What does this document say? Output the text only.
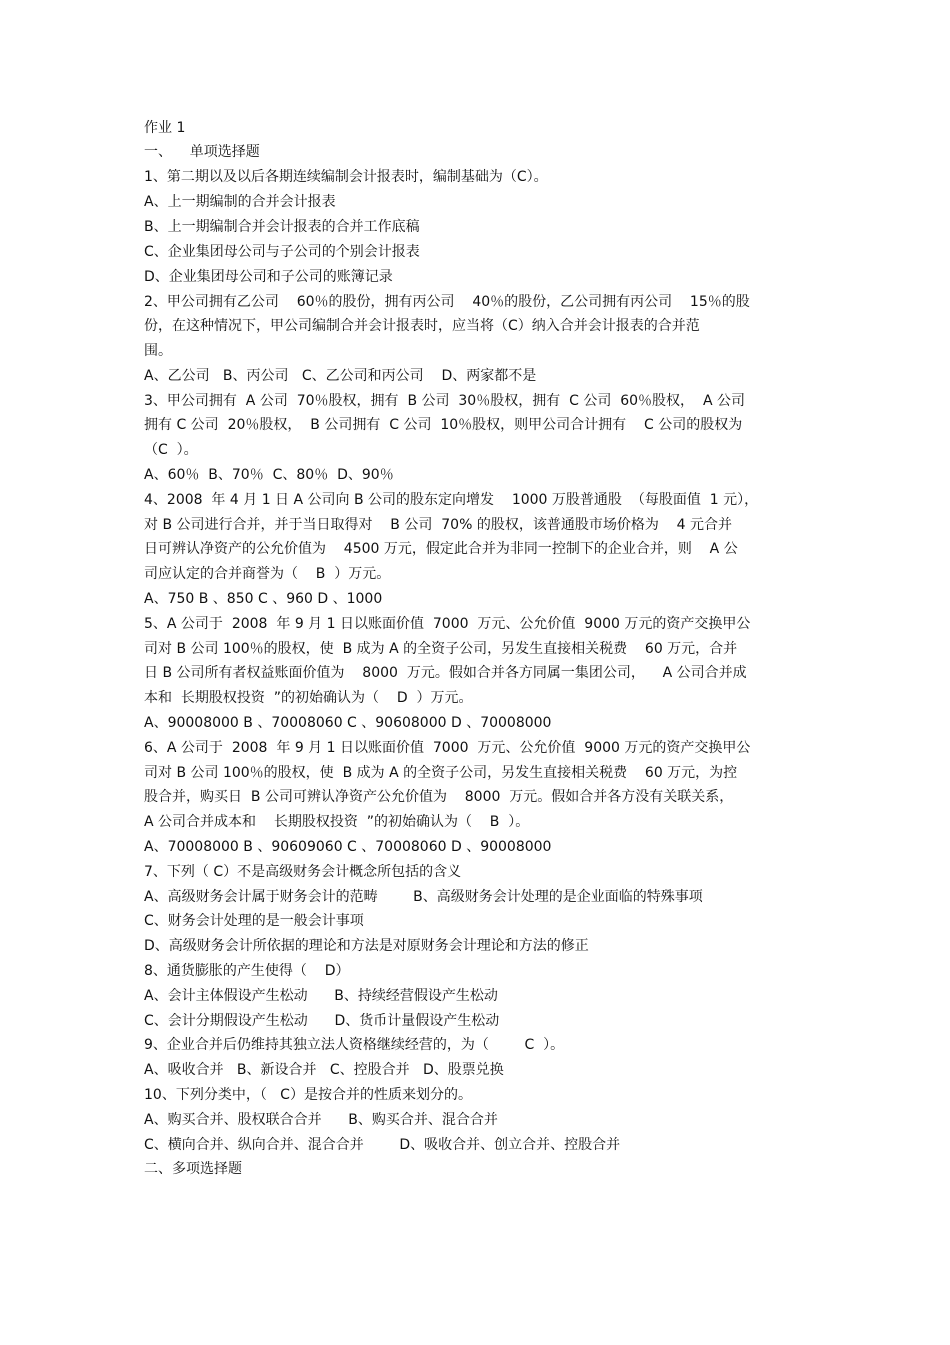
作业 1
一、    单项选择题
1、第二期以及以后各期连续编制会计报表时，编制基础为（C）。
A、上一期编制的合并会计报表
B、上一期编制合并会计报表的合并工作底稿
C、企业集团母公司与子公司的个别会计报表
D、企业集团母公司和子公司的账簿记录
2、甲公司拥有乙公司    60％的股份，拥有丙公司    40％的股份，乙公司拥有丙公司    15％的股
份，在这种情况下，甲公司编制合并会计报表时，应当将（C）纳入合并会计报表的合并范
围。
A、乙公司   B、丙公司   C、乙公司和丙公司    D、两家都不是
3、甲公司拥有  A 公司  70％股权，拥有  B 公司  30％股权，拥有  C 公司  60％股权，  A 公司
拥有 C 公司  20％股权，  B 公司拥有  C 公司  10％股权，则甲公司合计拥有    C 公司的股权为
（C  ）。
A、60％  B、70％  C、80％  D、90％
4、2008  年 4 月 1 日 A 公司向 B 公司的股东定向增发    1000 万股普通股  （每股面值  1 元），
对 B 公司进行合并，并于当日取得对    B 公司  70% 的股权，该普通股市场价格为    4 元合并
日可辨认净资产的公允价值为    4500 万元，假定此合并为非同一控制下的企业合并，则    A 公
司应认定的合并商誉为（    B  ）万元。
A、750 B 、850 C 、960 D 、1000
5、A 公司于  2008  年 9 月 1 日以账面价值  7000  万元、公允价值  9000 万元的资产交换甲公
司对 B 公司 100％的股权，使  B 成为 A 的全资子公司，另发生直接相关税费    60 万元，合并
日 B 公司所有者权益账面价值为    8000  万元。假如合并各方同属一集团公司，    A 公司合并成
本和  长期股权投资  ”的初始确认为（    D  ）万元。
A、90008000 B 、70008060 C 、90608000 D 、70008000
6、A 公司于  2008  年 9 月 1 日以账面价值  7000  万元、公允价值  9000 万元的资产交换甲公
司对 B 公司 100％的股权，使  B 成为 A 的全资子公司，另发生直接相关税费    60 万元，为控
股合并，购买日  B 公司可辨认净资产公允价值为    8000  万元。假如合并各方没有关联关系，
A 公司合并成本和    长期股权投资  ”的初始确认为（    B  ）。
A、70008000 B 、90609060 C 、70008060 D 、90008000
7、下列（ C）不是高级财务会计概念所包括的含义
A、高级财务会计属于财务会计的范畴        B、高级财务会计处理的是企业面临的特殊事项
C、财务会计处理的是一般会计事项
D、高级财务会计所依据的理论和方法是对原财务会计理论和方法的修正
8、通货膨胀的产生使得（    D）
A、会计主体假设产生松动      B、持续经营假设产生松动
C、会计分期假设产生松动      D、货币计量假设产生松动
9、企业合并后仍维持其独立法人资格继续经营的，为（        C  ）。
A、吸收合并   B、新设合并   C、控股合并   D、股票兑换
10、下列分类中，（   C）是按合并的性质来划分的。
A、购买合并、股权联合合并      B、购买合并、混合合并
C、横向合并、纵向合并、混合合并        D、吸收合并、创立合并、控股合并
二、多项选择题
